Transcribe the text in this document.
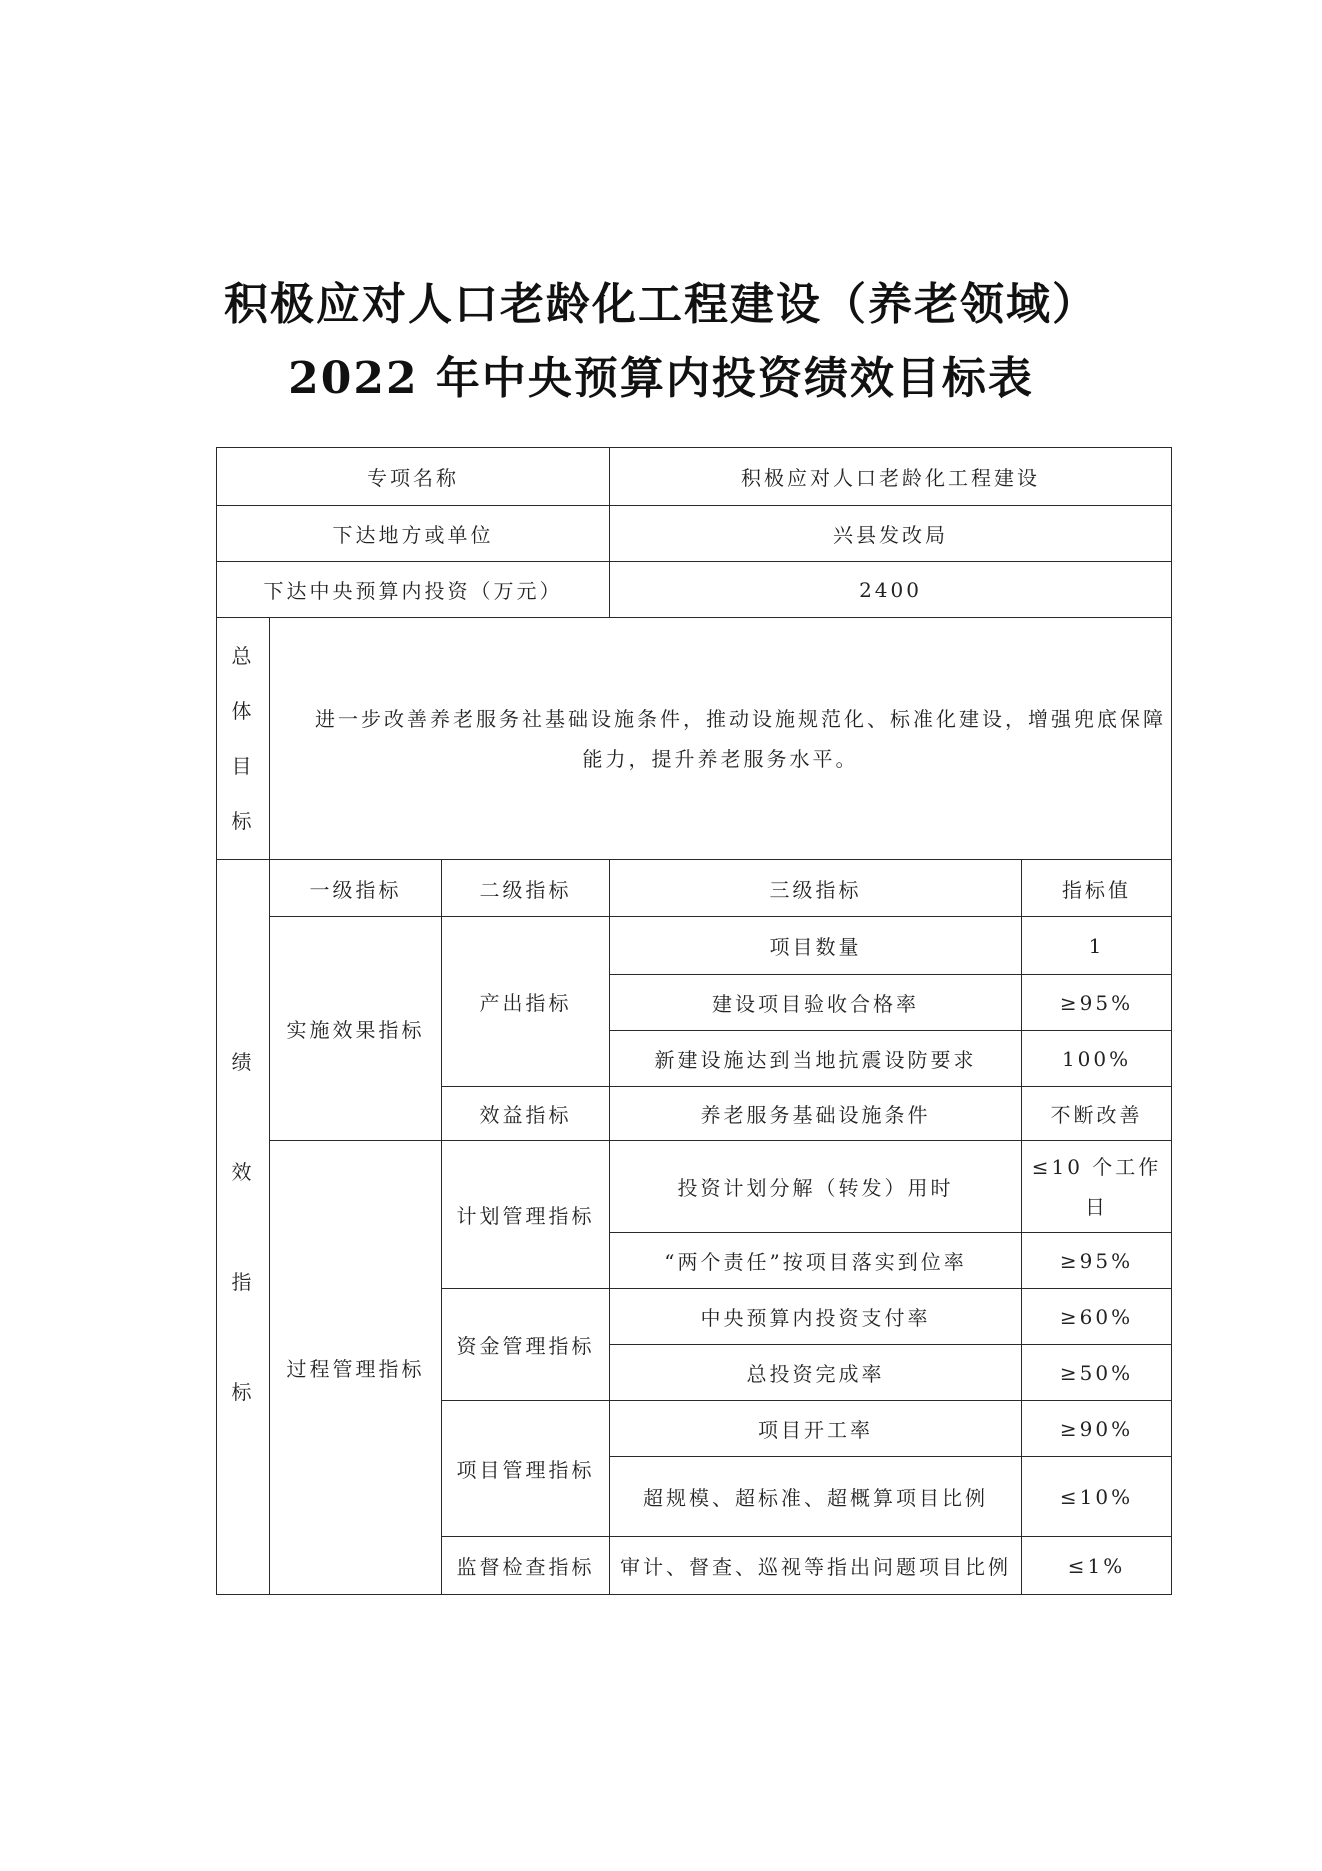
积极应对人口老龄化工程建设（养老领域）
2022 年中央预算内投资绩效目标表
专项名称			积极应对人口老龄化工程建设	
下达地方或单位			兴县发改局	
下达中央预算内投资（万元）			2400	

总
体
目
标	进一步改善养老服务社基础设施条件，推动设施规范化、标准化建设，增强兜底保障能力，提升养老服务水平。			

绩
效
指
标	一级指标	二级指标	三级指标	指标值
	实施效果指标	产出指标	项目数量	1
			建设项目验收合格率	≥95%
			新建设施达到当地抗震设防要求	100%
		效益指标	养老服务基础设施条件	不断改善
	过程管理指标	计划管理指标	投资计划分解（转发）用时	≤10 个工作日
			“两个责任”按项目落实到位率	≥95%
		资金管理指标	中央预算内投资支付率	≥60%
			总投资完成率	≥50%
		项目管理指标	项目开工率	≥90%
			超规模、超标准、超概算项目比例	≤10%
		监督检查指标	审计、督查、巡视等指出问题项目比例	≤1%
